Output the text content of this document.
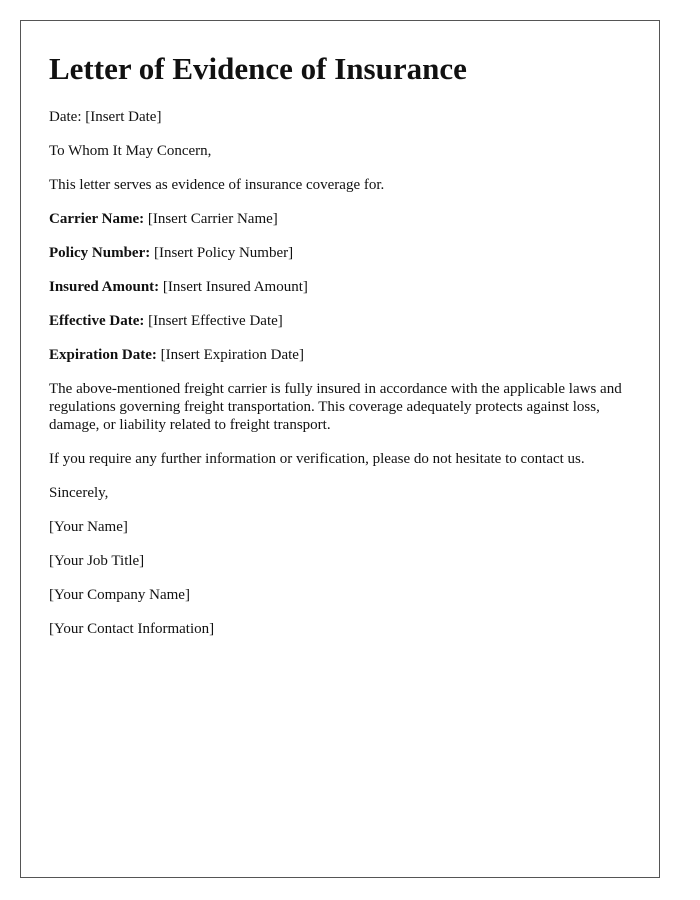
Letter of Evidence of Insurance

Date: [Insert Date]

To Whom It May Concern,

This letter serves as evidence of insurance coverage for.

Carrier Name: [Insert Carrier Name]

Policy Number: [Insert Policy Number]

Insured Amount: [Insert Insured Amount]

Effective Date: [Insert Effective Date]

Expiration Date: [Insert Expiration Date]

The above-mentioned freight carrier is fully insured in accordance with the applicable laws and regulations governing freight transportation. This coverage adequately protects against loss, damage, or liability related to freight transport.

If you require any further information or verification, please do not hesitate to contact us.

Sincerely,

[Your Name]

[Your Job Title]

[Your Company Name]

[Your Contact Information]
